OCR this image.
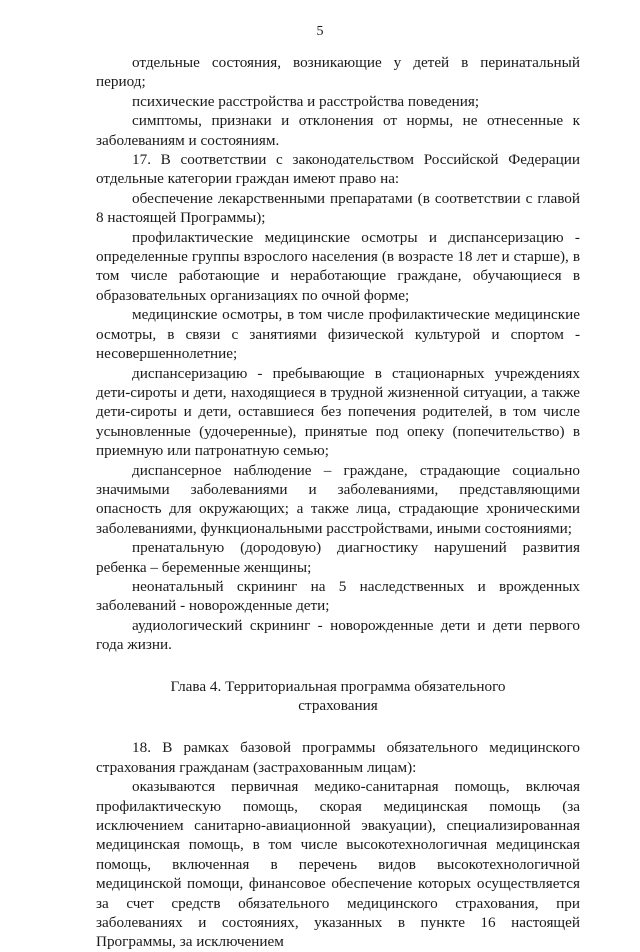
5
отдельные состояния, возникающие у детей в перинатальный период;
психические расстройства и расстройства поведения;
симптомы, признаки и отклонения от нормы, не отнесенные к заболеваниям и состояниям.
17. В соответствии с законодательством Российской Федерации отдельные категории граждан имеют право на:
обеспечение лекарственными препаратами (в соответствии с главой 8 настоящей Программы);
профилактические медицинские осмотры и диспансеризацию - определенные группы взрослого населения (в возрасте 18 лет и старше), в том числе работающие и неработающие граждане, обучающиеся в образовательных организациях по очной форме;
медицинские осмотры, в том числе профилактические медицинские осмотры, в связи с занятиями физической культурой и спортом - несовершеннолетние;
диспансеризацию - пребывающие в стационарных учреждениях дети-сироты и дети, находящиеся в трудной жизненной ситуации, а также дети-сироты и дети, оставшиеся без попечения родителей, в том числе усыновленные (удочеренные), принятые под опеку (попечительство) в приемную или патронатную семью;
диспансерное наблюдение – граждане, страдающие социально значимыми заболеваниями и заболеваниями, представляющими опасность для окружающих; а также лица, страдающие хроническими заболеваниями, функциональными расстройствами, иными состояниями;
пренатальную (дородовую) диагностику нарушений развития ребенка – беременные женщины;
неонатальный скрининг на 5 наследственных и врожденных заболеваний - новорожденные дети;
аудиологический скрининг - новорожденные дети и дети первого года жизни.
Глава 4. Территориальная программа обязательного
страхования
18. В рамках базовой программы обязательного медицинского страхования гражданам (застрахованным лицам):
оказываются первичная медико-санитарная помощь, включая профилактическую помощь, скорая медицинская помощь (за исключением санитарно-авиационной эвакуации), специализированная медицинская помощь, в том числе высокотехнологичная медицинская помощь, включенная в перечень видов высокотехнологичной медицинской помощи, финансовое обеспечение которых осуществляется за счет средств обязательного медицинского страхования, при заболеваниях и состояниях, указанных в пункте 16 настоящей Программы, за исключением
